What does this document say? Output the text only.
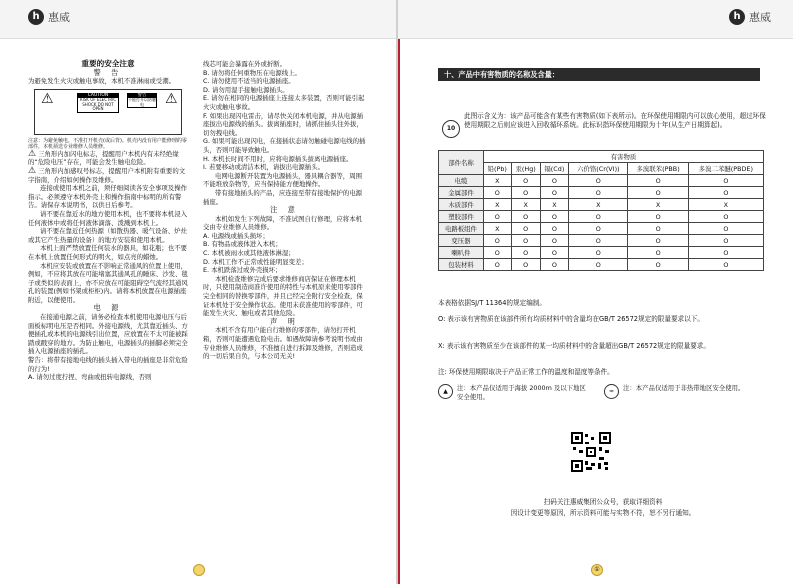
h 惠威

重要的安全注意

警 告

为避免发生火灾或触电事故，本机不准淋雨或受潮。

⚠	CAUTION
RISK OF ELECTRIC SHOCK DO NOT OPEN
警告
不能打开以防触电	⚠

注意：为避免触电，不准打开机壳(或后背)。机壳内没有用户能修理的零部件，本机须送专业维修人员维修。

⚠ 三角形内加闪电标志，提醒用户本机内有未经绝缘的“危险电压”存在，可能会发生触电危险。

⚠ 三角形内加感叹号标志，提醒用户本机附有重要的文字指南，介绍如何操作及维修。

连接或使用本机之前，须仔细阅读各安全事项及操作指示。必须遵守本机外壳上和操作指南中标明的所有警告。请保存本说明书，以供日后参考。

请不要在靠近水的地方使用本机，也不要将本机浸入任何液体中或将任何液体滴落、泼溅到本机上。

请不要在靠近任何热源（如散热器、暖气设备、炉灶或其它产生热量的设备）的地方安装和使用本机。

本机上面严禁放置任何装水的器具，如花瓶；也不要在本机上放置任何形式的明火，如点亮的蜡烛。

本机应安装或放置在不影响正常通风的位置上使用，例如，不应将其放在可能堵塞其通风孔的睡床、沙发、毯子或类似的表面上，亦不应放在可能阻碍空气流经其通风孔的装置(例如书架或柜柜)内。请将本机放置在电源插座附近，以便使用。

电 源

在接通电源之前，请务必检查本机使用电源电压与后面板标明电压是否相同。外接电源线，尤其靠近插头、方便插孔或本机的电源线引出位置，应放置在不太可能被踩踏或戳穿的地方。为防止触电，电源插头的插脚必须完全插入电源插座的插孔。

警告：将带有接地电线的插头插入带电的插座是非常危险的行为!

A. 请勿过度拧捏、弯曲或扭转电源线，否则

线芯可能会暴露在外或折断。

B. 请勿将任何重物压在电源线上。

C. 请勿使用不适当的电源插座。

D. 请勿用湿手接触电源插头。

E. 请勿在相同的电源插座上连接太多装置，否则可能引起火灾或触电事故。

F. 如果出现闪电雷击，请尽快关闭本机电源，并从电源插座拔出电源线的插头。拔离插座时，请抓住插头往外拔，切勿拽电线。

G. 如果可能出现闪电，在接插状态请勿触碰电源电线的插头，否则可能导致触电。

H. 本机长时间不用时，应将电源插头拔离电源插座。

I. 若要移动或清洁本机，请拔出电源插头。

电网电源断开装置为电源插头，器具耦合器等，周围不能堆放杂物等，应当保持能方便地操作。

带有接地插头的产品，应连接至带有接地保护的电源插座。

注 意

本机如发生下列故障，不准试图自行修理，应将本机交由专业维修人员维修。

A. 电源线或插头损坏；

B. 有物品或液体进入本机；

C. 本机被雨水或其他液体淋湿；

D. 本机工作不正常或性能明显变差；

E. 本机跌落过或外壳损坏；

本机检查维修完成后要求维修商店保证在修理本机时，只使用制造商准许使用的特性与本机原来使用零部件完全相同的替换零部件，并且已经完全附行安全检查，保证本机处于安全操作状态。使用未获准使用的零部件，可能发生火灾、触电或者其他危险。

声 明

本机不含有用户能自行维修的零部件，请勿打开机箱，否则可能遭遇危险电击。如遇故障请参考说明书或由专业维修人员维修，不准擅自进行拆卸及维修，否则造成的一切后果自负，与本公司无关!

h 惠威
十、产品中有害物质的名称及含量：
10
此图示含义为：该产品可能含有某些有害物质(如下表所示)。在环保使用期限内可以放心使用，超过环保使用期限之后则应该进入回收循环系统。此标识指环保使用期限为十年(从生产日期算起)。
部件名称	有害物质					
	铅(Pb)	汞(Hg)	镉(Cd)	六价铬(Cr(VI))	多溴联苯(PBB)	多溴二苯醚(PBDE)
电缆	X	O	O	O	O	O
金属部件	O	O	O	O	O	O
木质部件	X	X	X	X	X	X
塑胶部件	O	O	O	O	O	O
电路板组件	X	O	O	O	O	O
变压器	O	O	O	O	O	O
喇叭件	O	O	O	O	O	O
包装材料	O	O	O	O	O	O
本表格依据SJ/T 11364的规定编制。
O: 表示该有害物质在该部件所有均质材料中的含量均在GB/T 26572规定的限量要求以下。
X: 表示该有害物质至少在该部件的某一均质材料中的含量超出GB/T 26572规定的限量要求。
注: 环保使用期限取决于产品正常工作的温度和湿度等条件。
▲	注：本产品仅适用于海拔 2000m 及以下地区安全使用。
≈	注：本产品仅适用于非热带地区安全使用。
扫码关注惠威集团公众号，获取详细资料
因设计变更等原因，所示资料可能与实物不符，恕不另行通知。
①
